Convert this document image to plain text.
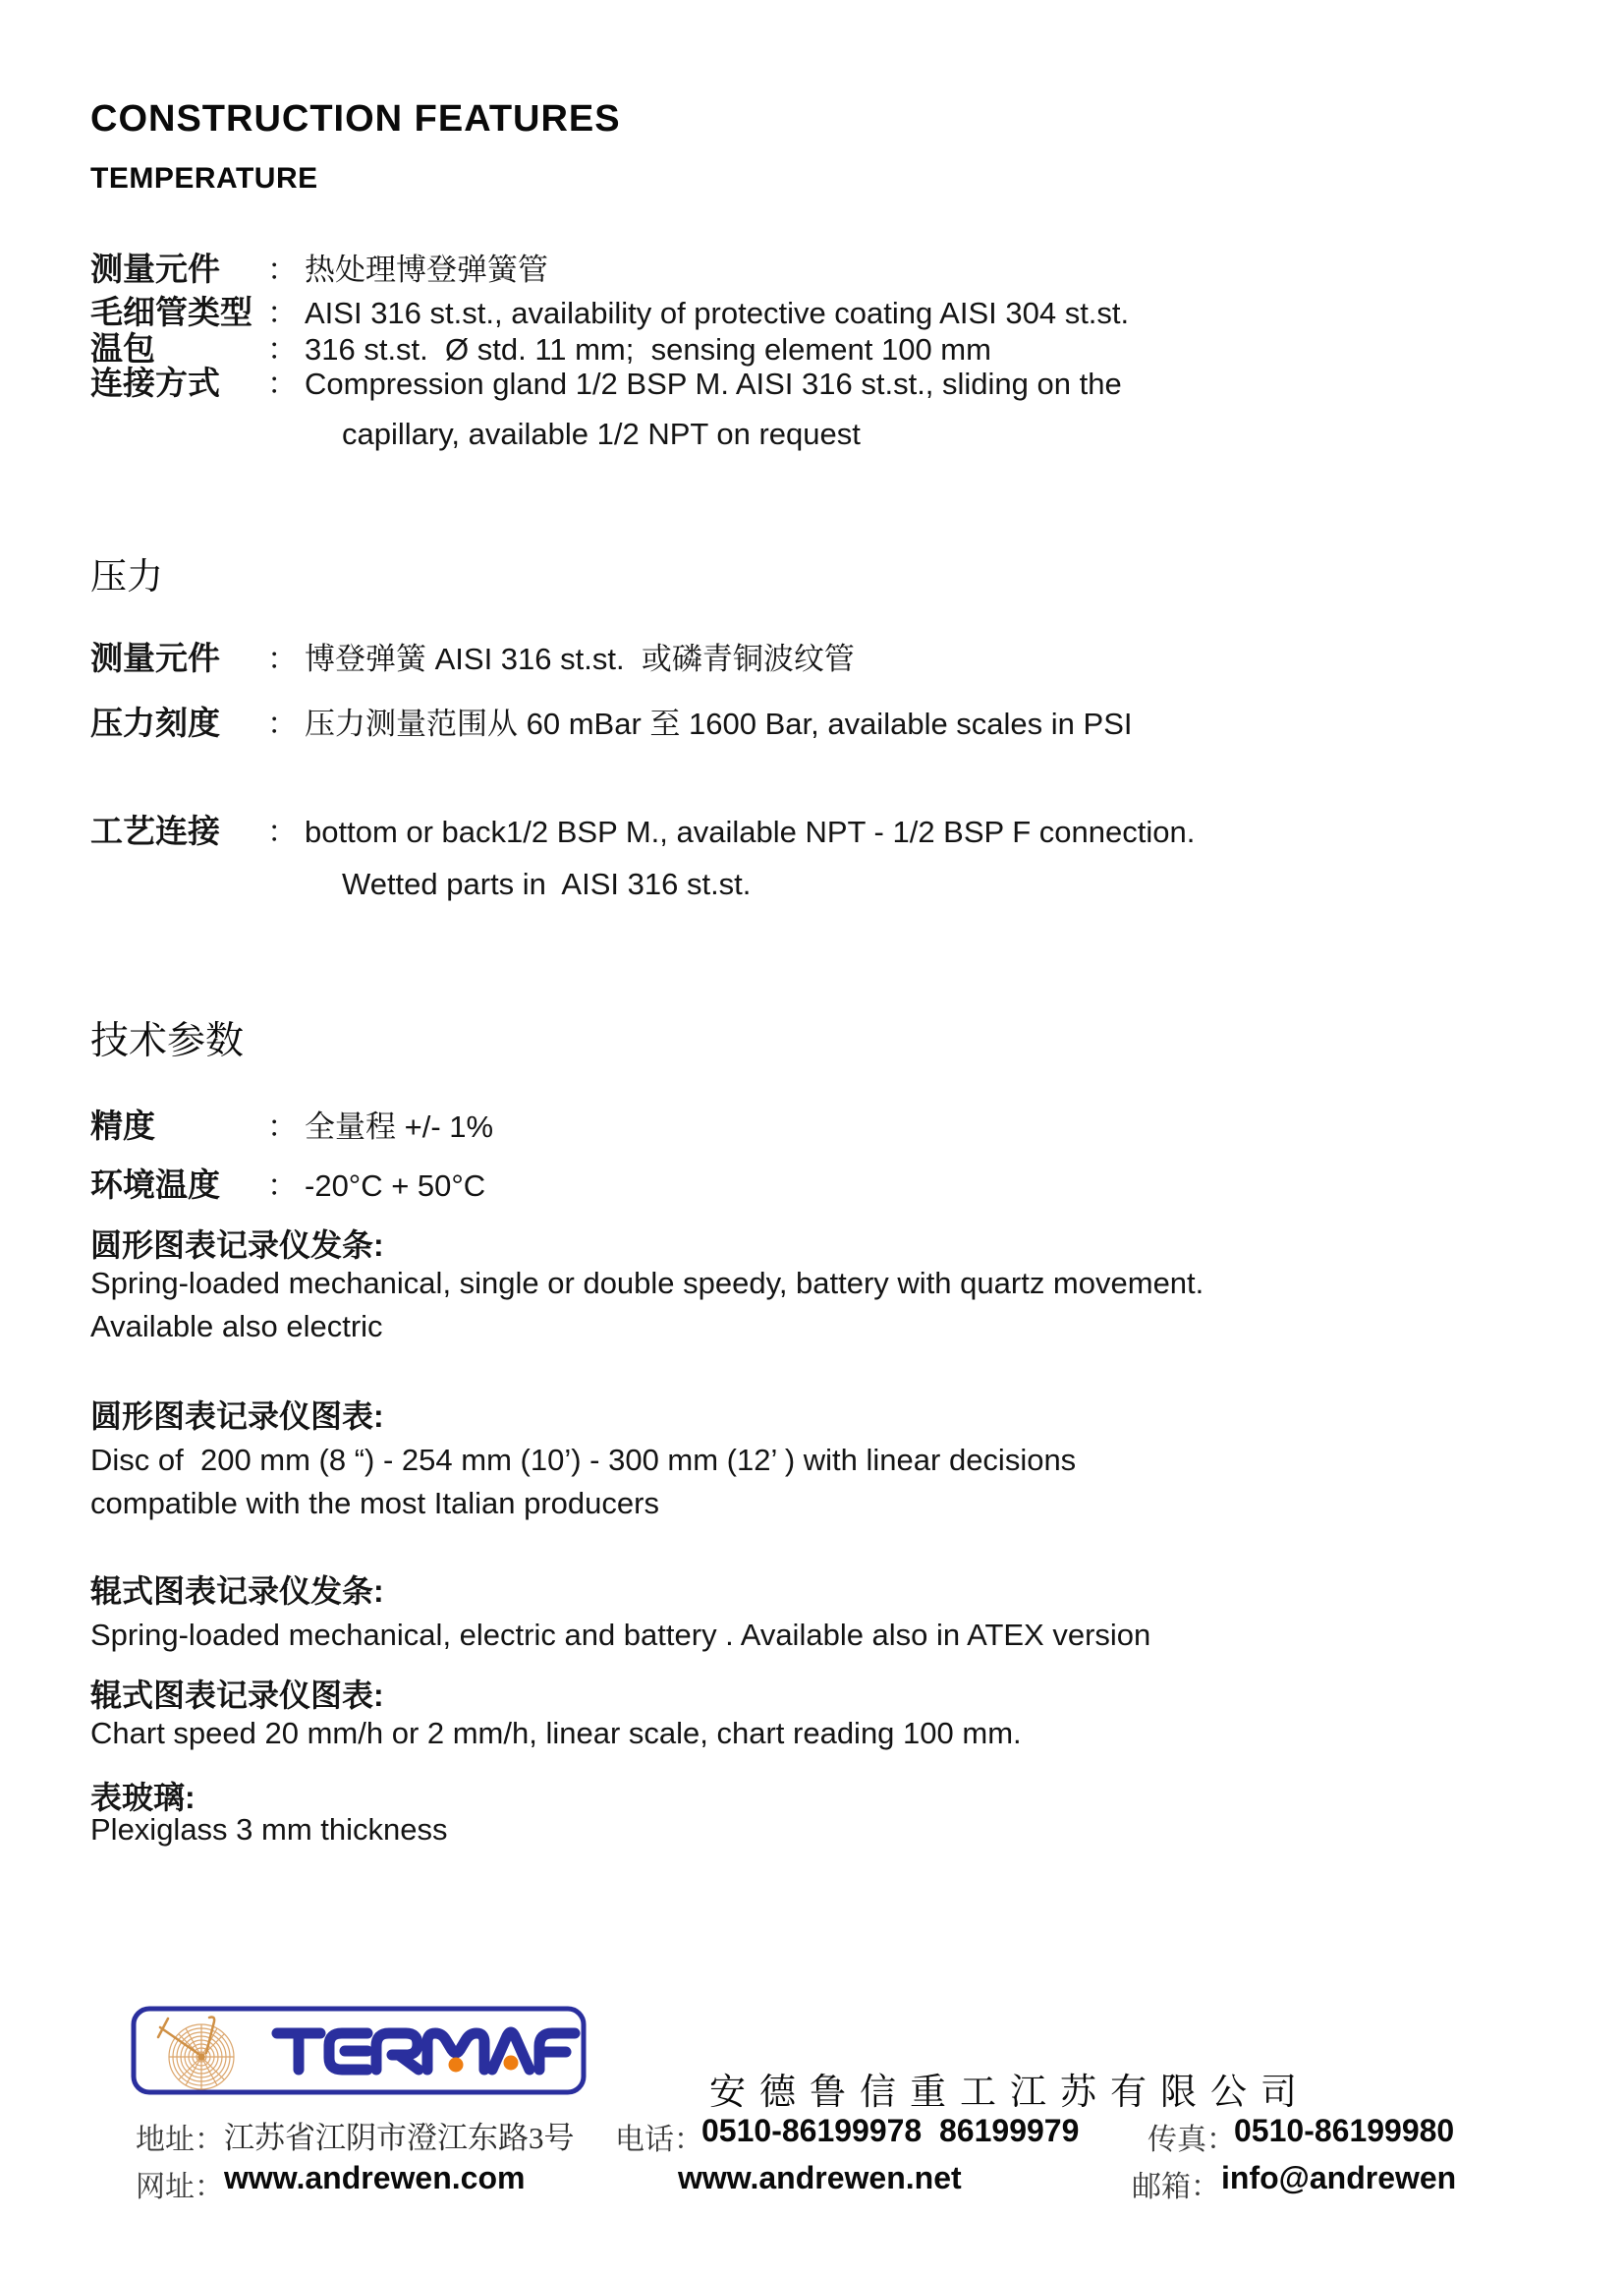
CONSTRUCTION FEATURES
TEMPERATURE
测量元件	： 热处理博登弹簧管
毛细管类型 ： AISI 316 st.st., availability of protective coating AISI 304 st.st.
温包	： 316 st.st.  Ø std. 11 mm;  sensing element 100 mm
连接方式	： Compression gland 1/2 BSP M. AISI 316 st.st., sliding on the
capillary, available 1/2 NPT on request
压力
测量元件	： 博登弹簧 AISI 316 st.st.  或磷青铜波纹管
压力刻度	： 压力测量范围从 60 mBar 至 1600 Bar, available scales in PSI
工艺连接	： bottom or back1/2 BSP M., available NPT - 1/2 BSP F connection.
Wetted parts in  AISI 316 st.st.
技术参数
精度	： 全量程 +/- 1%
环境温度	： -20°C + 50°C
圆形图表记录仪发条:
Spring-loaded mechanical, single or double speedy, battery with quartz movement.
Available also electric
圆形图表记录仪图表:
Disc of  200 mm (8 “) - 254 mm (10’) - 300 mm (12’ ) with linear decisions
compatible with the most Italian producers
辊式图表记录仪发条:
Spring-loaded mechanical, electric and battery . Available also in ATEX version
辊式图表记录仪图表:
Chart speed 20 mm/h or 2 mm/h, linear scale, chart reading 100 mm.
表玻璃:
Plexiglass 3 mm thickness
安德鲁信重工江苏有限公司
地址： 江苏省江阴市澄江东路3号 电话：
0510-86199978  86199979 传真：
0510-86199980
网址： www.andrewen.com	www.andrewen.net	邮箱： info@andrewen
